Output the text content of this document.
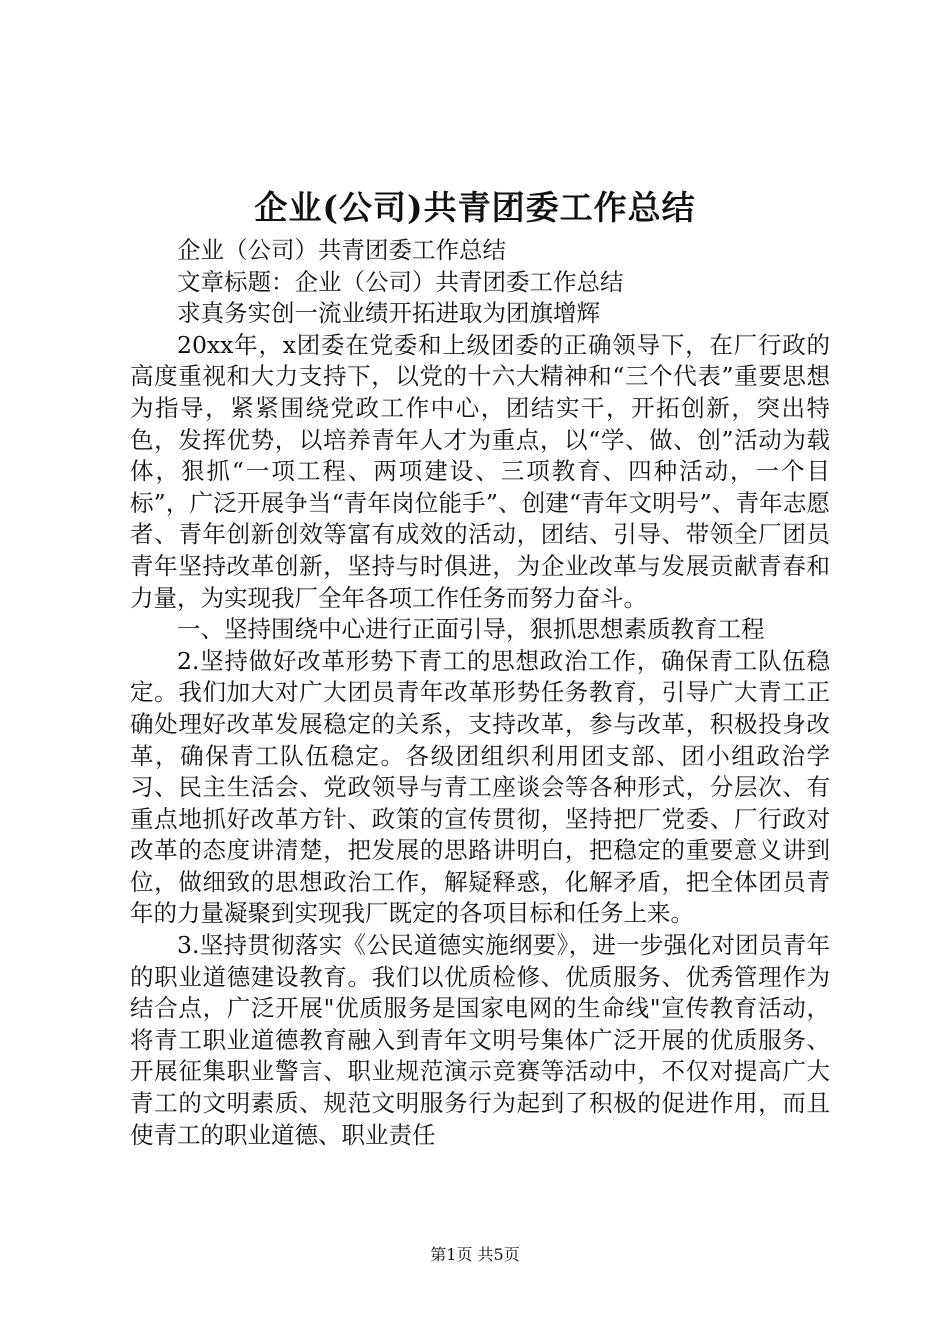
企业(公司)共青团委工作总结

企业（公司）共青团委工作总结

文章标题：企业（公司）共青团委工作总结

求真务实创一流业绩开拓进取为团旗增辉

20xx年，x团委在党委和上级团委的正确领导下，在厂行政的高度重视和大力支持下，以党的十六大精神和“三个代表”重要思想为指导，紧紧围绕党政工作中心，团结实干，开拓创新，突出特色，发挥优势，以培养青年人才为重点，以“学、做、创”活动为载体，狠抓“一项工程、两项建设、三项教育、四种活动，一个目标”，广泛开展争当“青年岗位能手”、创建“青年文明号”、青年志愿者、青年创新创效等富有成效的活动，团结、引导、带领全厂团员青年坚持改革创新，坚持与时俱进，为企业改革与发展贡献青春和力量，为实现我厂全年各项工作任务而努力奋斗。

一、坚持围绕中心进行正面引导，狠抓思想素质教育工程

2.坚持做好改革形势下青工的思想政治工作，确保青工队伍稳定。我们加大对广大团员青年改革形势任务教育，引导广大青工正确处理好改革发展稳定的关系，支持改革，参与改革，积极投身改革，确保青工队伍稳定。各级团组织利用团支部、团小组政治学习、民主生活会、党政领导与青工座谈会等各种形式，分层次、有重点地抓好改革方针、政策的宣传贯彻，坚持把厂党委、厂行政对改革的态度讲清楚，把发展的思路讲明白，把稳定的重要意义讲到位，做细致的思想政治工作，解疑释惑，化解矛盾，把全体团员青年的力量凝聚到实现我厂既定的各项目标和任务上来。

3.坚持贯彻落实《公民道德实施纲要》，进一步强化对团员青年的职业道德建设教育。我们以优质检修、优质服务、优秀管理作为结合点，广泛开展"优质服务是国家电网的生命线"宣传教育活动，将青工职业道德教育融入到青年文明号集体广泛开展的优质服务、开展征集职业警言、职业规范演示竞赛等活动中，不仅对提高广大青工的文明素质、规范文明服务行为起到了积极的促进作用，而且使青工的职业道德、职业责任

第1页 共5页
